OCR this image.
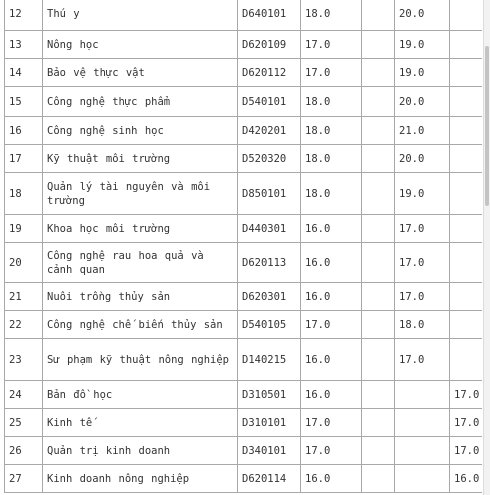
12	Thú y	D640101	18.0		20.0	
13	Nông học	D620109	17.0		19.0	
14	Bảo vệ thực vật	D620112	17.0		19.0	
15	Công nghệ thực phẩm	D540101	18.0		20.0	
16	Công nghệ sinh học	D420201	18.0		21.0	
17	Kỹ thuật môi trường	D520320	18.0		20.0	
18	Quản lý tài nguyên và môi trường	D850101	18.0		19.0	
19	Khoa học môi trường	D440301	16.0		17.0	
20	Công nghệ rau hoa quả và cảnh quan	D620113	16.0		17.0	
21	Nuôi trồng thủy sản	D620301	16.0		17.0	
22	Công nghệ chế biến thủy sản	D540105	17.0		18.0	
23	Sư phạm kỹ thuật nông nghiệp	D140215	16.0		17.0	
24	Bản đồ học	D310501	16.0			17.0
25	Kinh tế	D310101	17.0			17.0
26	Quản trị kinh doanh	D340101	17.0			17.0
27	Kinh doanh nông nghiệp	D620114	16.0			16.0
